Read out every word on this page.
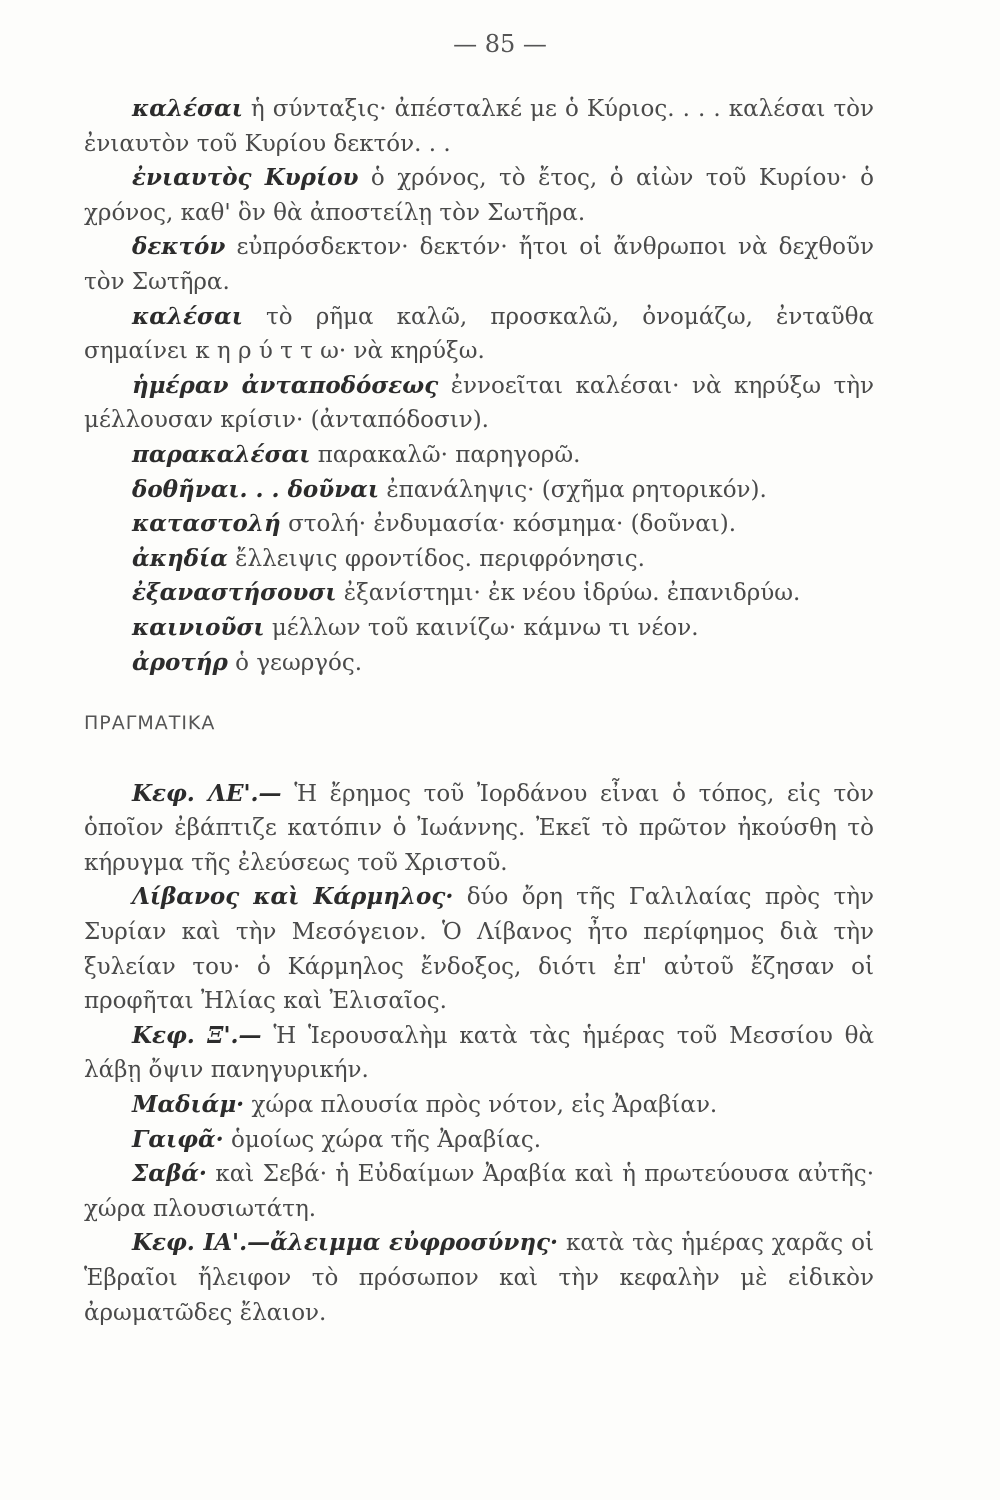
— 85 —

καλέσαι ἡ σύνταξις· ἀπέσταλκέ με ὁ Κύριος. . . . καλέσαι τὸν ἐνιαυτὸν τοῦ Κυρίου δεκτόν. . .

ἐνιαυτὸς Κυρίου ὁ χρόνος, τὸ ἔτος, ὁ αἰὼν τοῦ Κυρίου· ὁ χρόνος, καθ' ὃν θὰ ἀποστείλῃ τὸν Σωτῆρα.

δεκτόν εὐπρόσδεκτον· δεκτόν· ἤτοι οἱ ἄνθρωποι νὰ δεχθοῦν τὸν Σωτῆρα.

καλέσαι τὸ ρῆμα καλῶ, προσκαλῶ, ὀνομάζω, ἐνταῦθα σημαίνει κ η ρ ύ τ τ ω· νὰ κηρύξω.

ἡμέραν ἀνταποδόσεως ἐννοεῖται καλέσαι· νὰ κηρύξω τὴν μέλλουσαν κρίσιν· (ἀνταπόδοσιν).

παρακαλέσαι παρακαλῶ· παρηγορῶ.

δοθῆναι. . . δοῦναι ἐπανάληψις· (σχῆμα ρητορικόν).

καταστολή στολή· ἐνδυμασία· κόσμημα· (δοῦναι).

ἀκηδία ἔλλειψις φροντίδος. περιφρόνησις.

ἐξαναστήσουσι ἐξανίστημι· ἐκ νέου ἱδρύω. ἐπανιδρύω.

καινιοῦσι μέλλων τοῦ καινίζω· κάμνω τι νέον.

ἀροτήρ ὁ γεωργός.

ΠΡΑΓΜΑΤΙΚΑ

Κεφ. ΛΕ'.— Ἡ ἔρημος τοῦ Ἰορδάνου εἶναι ὁ τόπος, εἰς τὸν ὁποῖον ἐβάπτιζε κατόπιν ὁ Ἰωάννης. Ἐκεῖ τὸ πρῶτον ἠκούσθη τὸ κήρυγμα τῆς ἐλεύσεως τοῦ Χριστοῦ.

Λίβανος καὶ Κάρμηλος· δύο ὄρη τῆς Γαλιλαίας πρὸς τὴν Συρίαν καὶ τὴν Μεσόγειον. Ὁ Λίβανος ἦτο περίφημος διὰ τὴν ξυλείαν του· ὁ Κάρμηλος ἔνδοξος, διότι ἐπ' αὐτοῦ ἔζησαν οἱ προφῆται Ἠλίας καὶ Ἐλισαῖος.

Κεφ. Ξ'.— Ἡ Ἱερουσαλὴμ κατὰ τὰς ἡμέρας τοῦ Μεσσίου θὰ λάβῃ ὄψιν πανηγυρικήν.

Μαδιάμ· χώρα πλουσία πρὸς νότον, εἰς Ἀραβίαν.

Γαιφᾶ· ὁμοίως χώρα τῆς Ἀραβίας.

Σαβά· καὶ Σεβά· ἡ Εὐδαίμων Ἀραβία καὶ ἡ πρωτεύουσα αὐτῆς· χώρα πλουσιωτάτη.

Κεφ. ΙΑ'.—ἄλειμμα εὐφροσύνης· κατὰ τὰς ἡμέρας χαρᾶς οἱ Ἑβραῖοι ἤλειφον τὸ πρόσωπον καὶ τὴν κεφαλὴν μὲ εἰδικὸν ἀρωματῶδες ἔλαιον.
